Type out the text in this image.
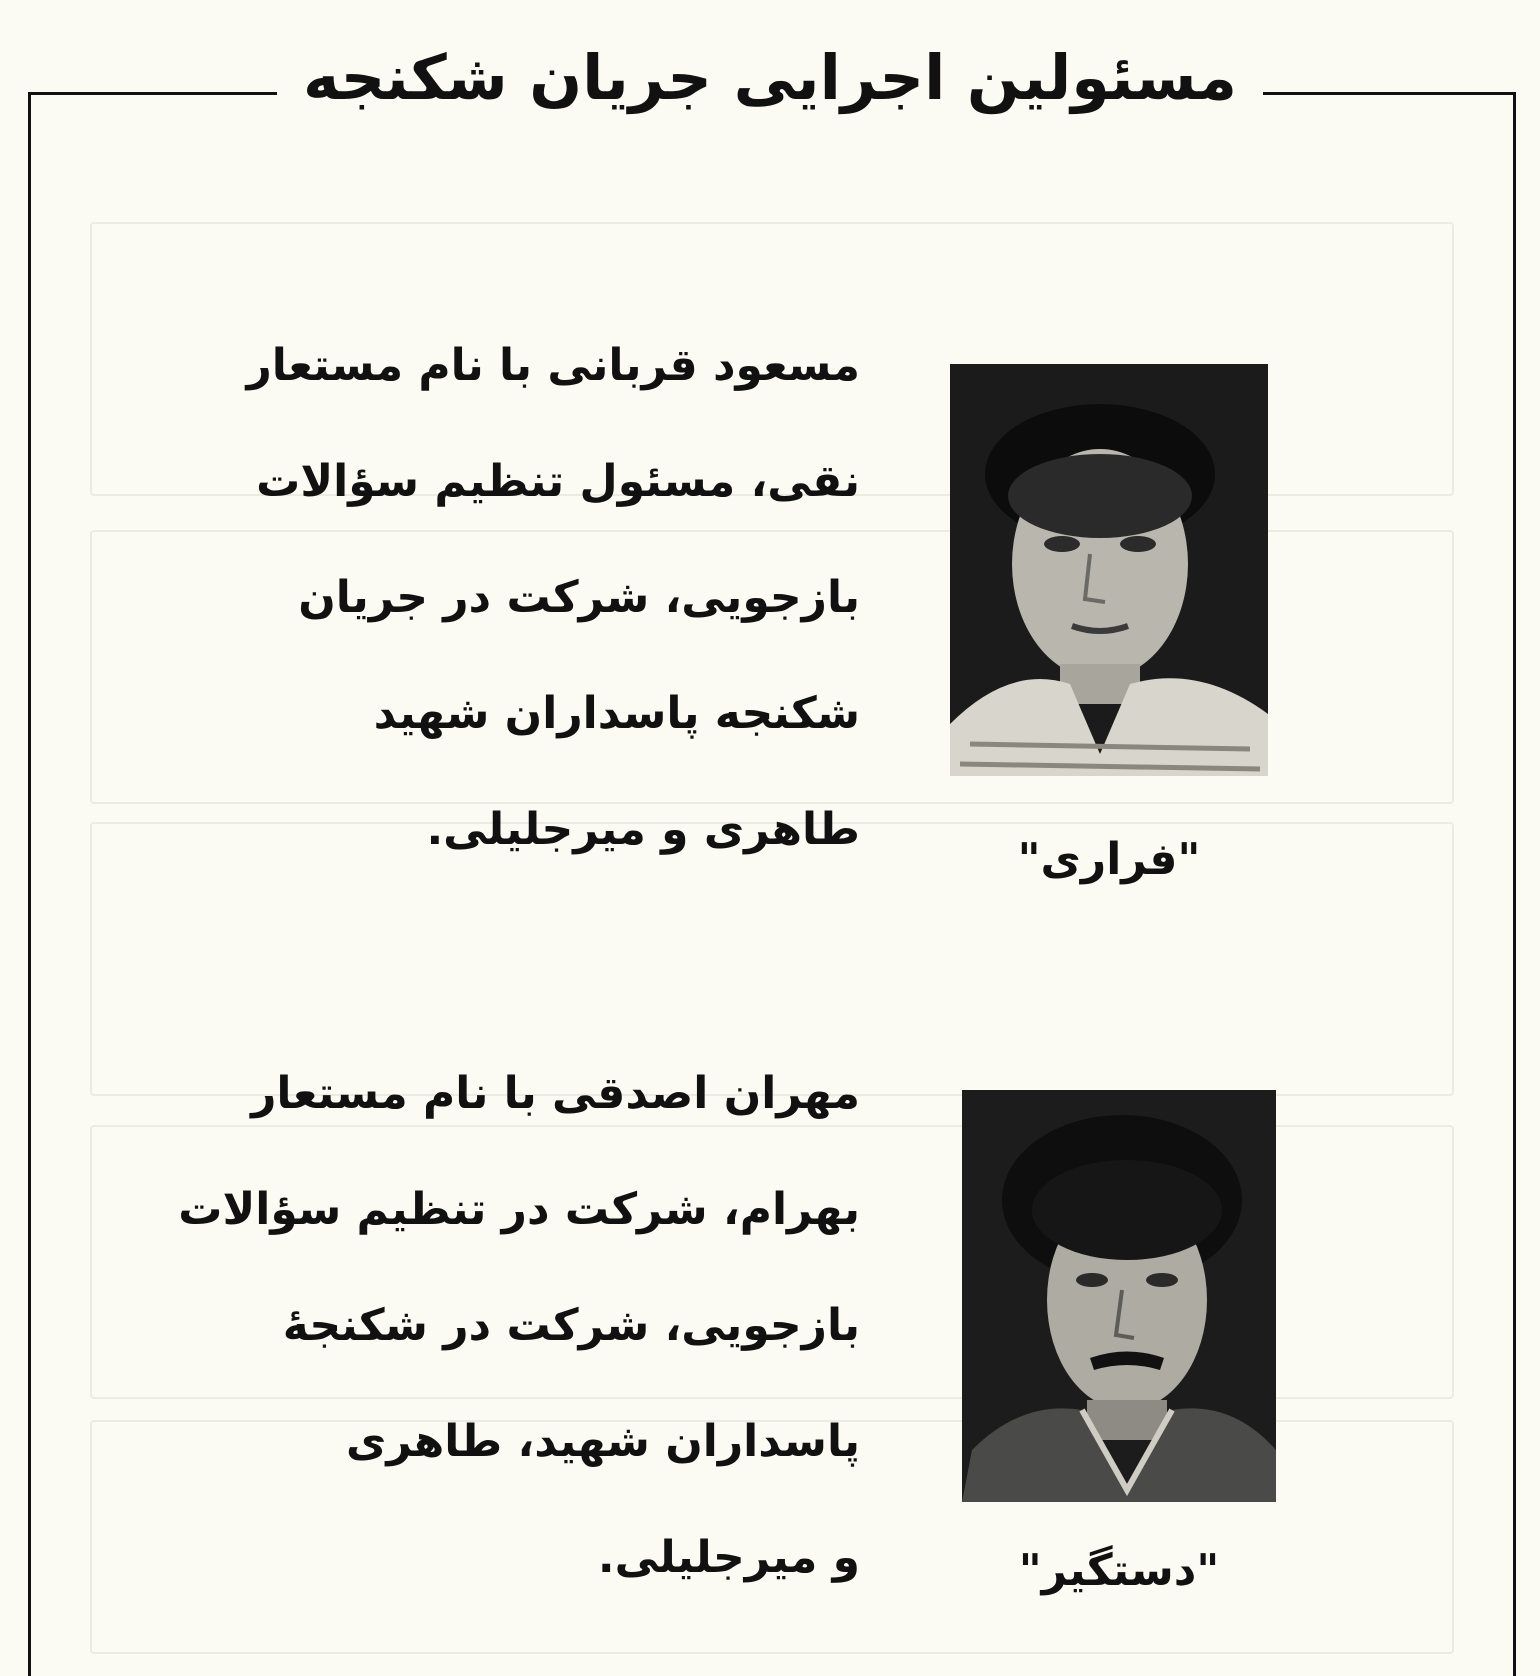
مسئولین اجرایی جریان شکنجه
"فراری"
مسعود قربانی با نام مستعار
نقی، مسئول تنظیم سؤالات
بازجویی، شرکت در جریان
شکنجه پاسداران شهید
طاهری و میرجلیلی.
"دستگیر"
مهران اصدقی با نام مستعار
بهرام، شرکت در تنظیم سؤالات
بازجویی، شرکت در شکنجهٔ
پاسداران شهید، طاهری
و میرجلیلی.
